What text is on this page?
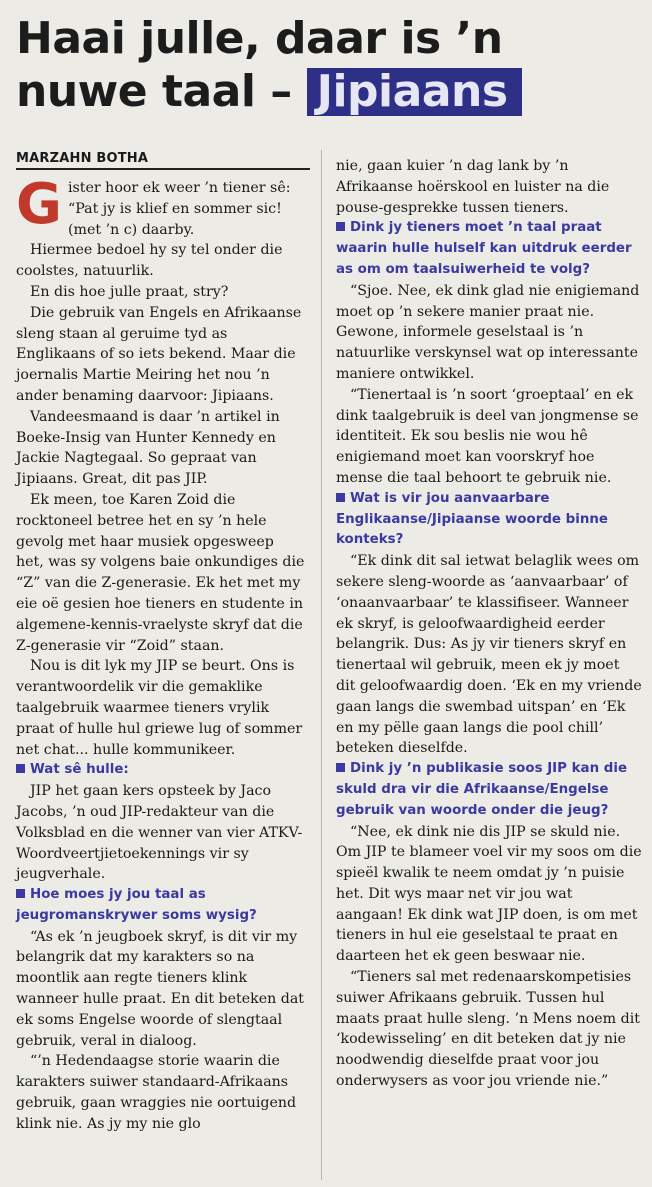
Haai julle, daar is ’n
nuwe taal – Jipiaans
MARZAHN BOTHA

Gister hoor ek weer ’n tiener sê: “Pat jy is klief en sommer sic! (met ’n c) daarby.

Hiermee bedoel hy sy tel onder die coolstes, natuurlik.

En dis hoe julle praat, stry?

Die gebruik van Engels en Afrikaanse sleng staan al geruime tyd as Englikaans of so iets bekend. Maar die joernalis Martie Meiring het nou ’n ander benaming daarvoor: Jipiaans.

Vandeesmaand is daar ’n artikel in Boeke-Insig van Hunter Kennedy en Jackie Nagtegaal. So gepraat van Jipiaans. Great, dit pas JIP.

Ek meen, toe Karen Zoid die rocktoneel betree het en sy ’n hele gevolg met haar musiek opgesweep het, was sy volgens baie onkundiges die “Z” van die Z-generasie. Ek het met my eie oë gesien hoe tieners en studente in algemene-kennis-vraelyste skryf dat die Z-generasie vir “Zoid” staan.

Nou is dit lyk my JIP se beurt. Ons is verantwoordelik vir die gemaklike taalgebruik waarmee tieners vrylik praat of hulle hul griewe lug of sommer net chat... hulle kommunikeer.

Wat sê hulle:

JIP het gaan kers opsteek by Jaco Jacobs, ’n oud JIP-redakteur van die Volksblad en die wenner van vier ATKV-Woordveertjietoekennings vir sy jeugverhale.

Hoe moes jy jou taal as jeugromanskrywer soms wysig?

“As ek ’n jeugboek skryf, is dit vir my belangrik dat my karakters so na moontlik aan regte tieners klink wanneer hulle praat. En dit beteken dat ek soms Engelse woorde of slengtaal gebruik, veral in dialoog.

“’n Hedendaagse storie waarin die karakters suiwer standaard-Afrikaans gebruik, gaan wraggies nie oortuigend klink nie. As jy my nie glo

nie, gaan kuier ’n dag lank by ’n Afrikaanse hoërskool en luister na die pouse-gesprekke tussen tieners.

Dink jy tieners moet ’n taal praat waarin hulle hulself kan uitdruk eerder as om om taalsuiwerheid te volg?

“Sjoe. Nee, ek dink glad nie enigiemand moet op ’n sekere manier praat nie. Gewone, informele geselstaal is ’n natuurlike verskynsel wat op interessante maniere ontwikkel.

“Tienertaal is ’n soort ‘groeptaal’ en ek dink taalgebruik is deel van jongmense se identiteit. Ek sou beslis nie wou hê enigiemand moet kan voorskryf hoe mense die taal behoort te gebruik nie.

Wat is vir jou aanvaarbare Englikaanse/Jipiaanse woorde binne konteks?

“Ek dink dit sal ietwat belaglik wees om sekere sleng-woorde as ‘aanvaarbaar’ of ‘onaanvaarbaar’ te klassifiseer. Wanneer ek skryf, is geloofwaardigheid eerder belangrik. Dus: As jy vir tieners skryf en tienertaal wil gebruik, meen ek jy moet dit geloofwaardig doen. ‘Ek en my vriende gaan langs die swembad uitspan’ en ‘Ek en my pëlle gaan langs die pool chill’ beteken dieselfde.

Dink jy ’n publikasie soos JIP kan die skuld dra vir die Afrikaanse/Engelse gebruik van woorde onder die jeug?

“Nee, ek dink nie dis JIP se skuld nie. Om JIP te blameer voel vir my soos om die spieël kwalik te neem omdat jy ’n puisie het. Dit wys maar net vir jou wat aangaan! Ek dink wat JIP doen, is om met tieners in hul eie geselstaal te praat en daarteen het ek geen beswaar nie.

“Tieners sal met redenaarskompetisies suiwer Afrikaans gebruik. Tussen hul maats praat hulle sleng. ’n Mens noem dit ‘kodewisseling’ en dit beteken dat jy nie noodwendig dieselfde praat voor jou onderwysers as voor jou vriende nie.”
